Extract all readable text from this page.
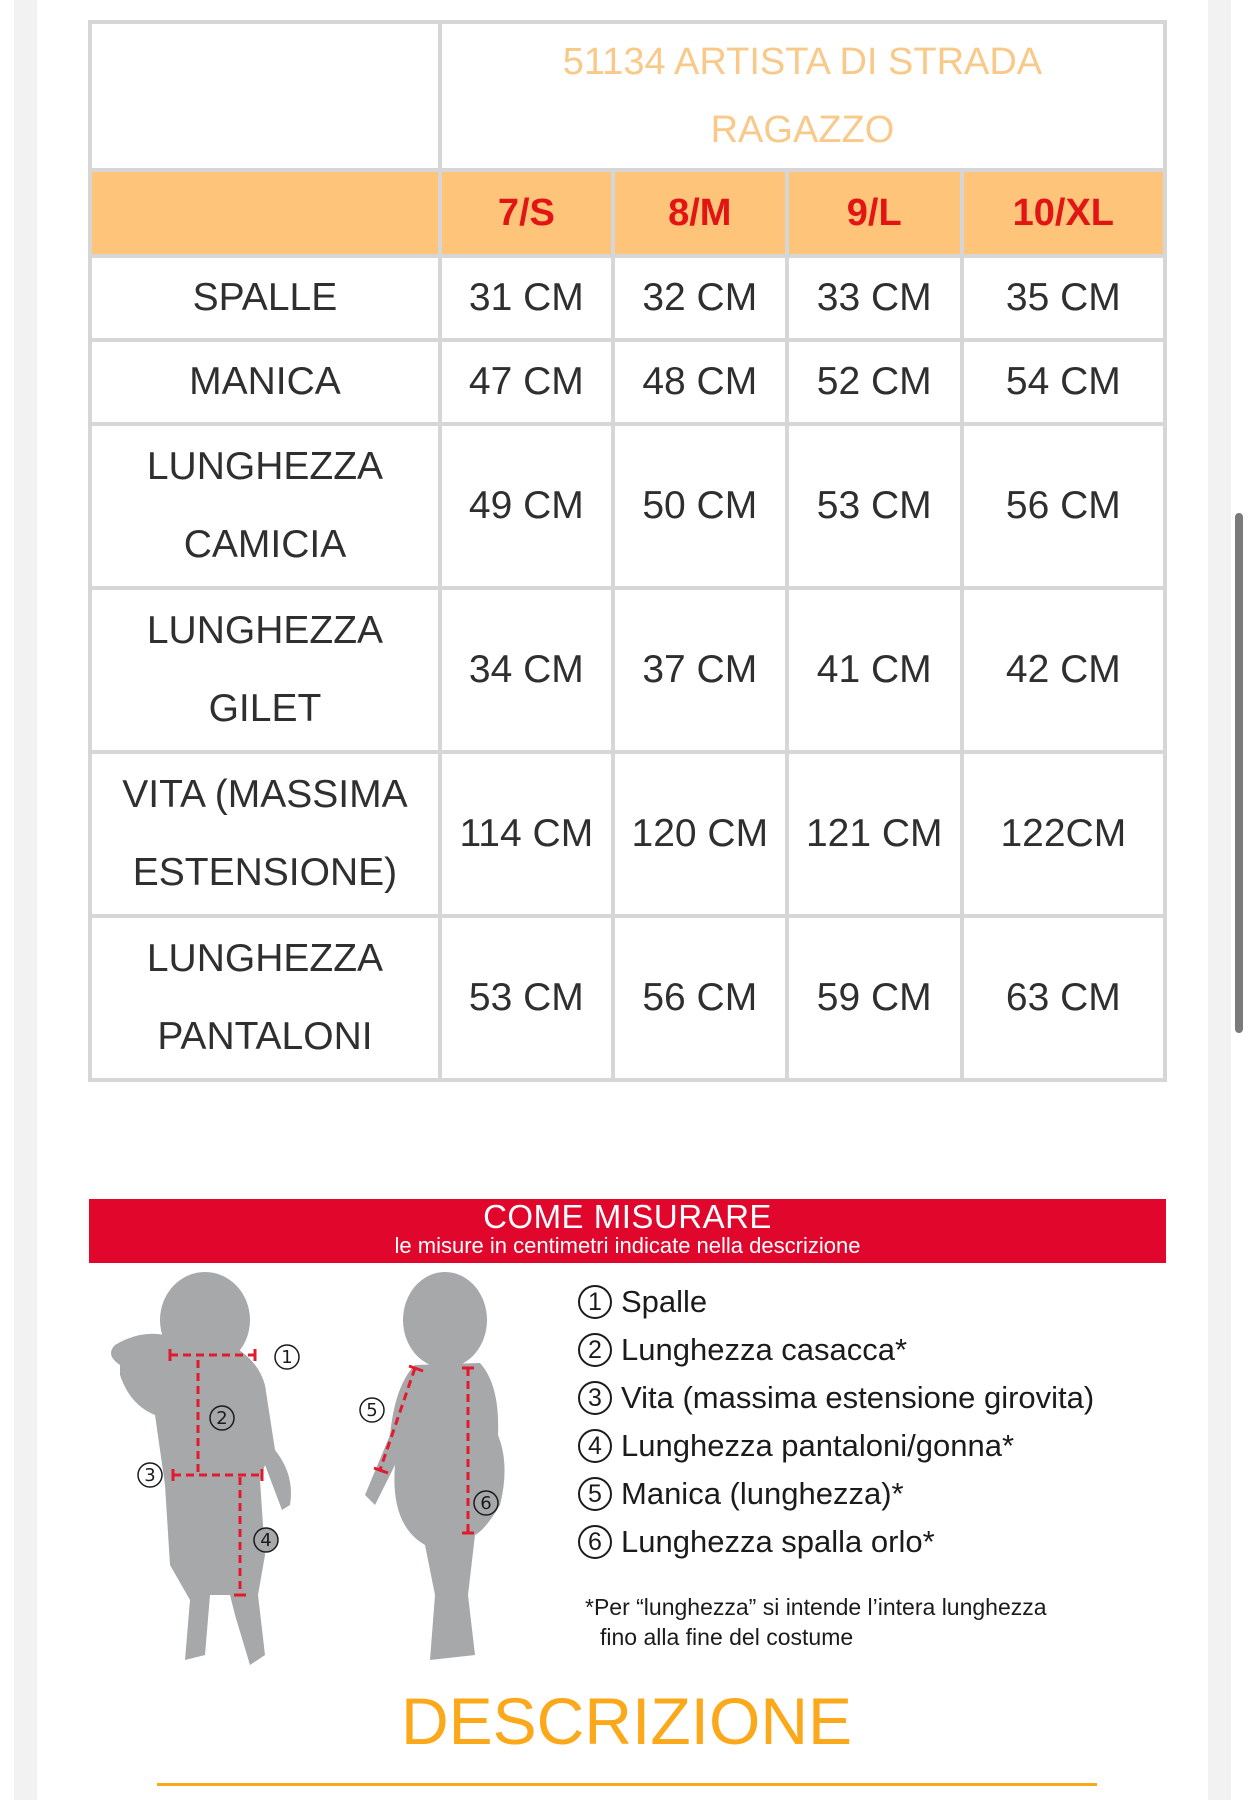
	51134 ARTISTA DI STRADA
RAGAZZO			

	7/S	8/M	9/L	10/XL
SPALLE	31 CM	32 CM	33 CM	35 CM
MANICA	47 CM	48 CM	52 CM	54 CM

LUNGHEZZA
CAMICIA	49 CM	50 CM	53 CM	56 CM

LUNGHEZZA
GILET	34 CM	37 CM	41 CM	42 CM

VITA (MASSIMA
ESTENSIONE)	114 CM	120 CM	121 CM	122CM

LUNGHEZZA
PANTALONI	53 CM	56 CM	59 CM	63 CM
COME MISURARE
le misure in centimetri indicate nella descrizione
1
2
3
4
5
6
1 Spalle
2 Lunghezza casacca*
3 Vita (massima estensione girovita)
4 Lunghezza pantaloni/gonna*
5 Manica (lunghezza)*
6 Lunghezza spalla orlo*
*Per “lunghezza” si intende l’intera lunghezza
fino alla fine del costume
DESCRIZIONE
